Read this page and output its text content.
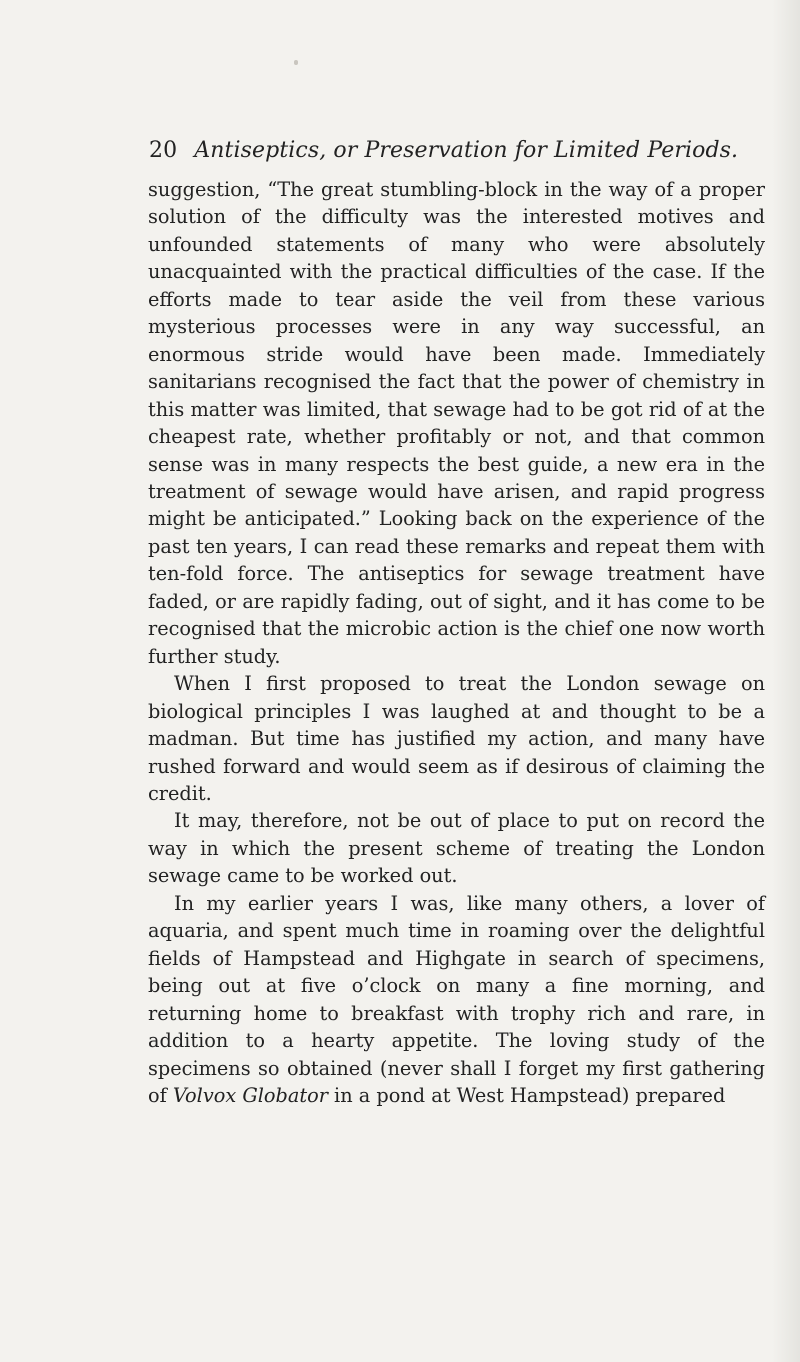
20 Antiseptics, or Preservation for Limited Periods.

suggestion, “The great stumbling-block in the way of a proper solution of the difficulty was the interested motives and unfounded statements of many who were absolutely unacquainted with the practical difficulties of the case. If the efforts made to tear aside the veil from these various mysterious processes were in any way successful, an enormous stride would have been made. Immediately sanitarians recognised the fact that the power of chemistry in this matter was limited, that sewage had to be got rid of at the cheapest rate, whether profitably or not, and that common sense was in many respects the best guide, a new era in the treatment of sewage would have arisen, and rapid progress might be anticipated.” Looking back on the experience of the past ten years, I can read these remarks and repeat them with ten-fold force. The antiseptics for sewage treatment have faded, or are rapidly fading, out of sight, and it has come to be recognised that the microbic action is the chief one now worth further study.

When I first proposed to treat the London sewage on biological principles I was laughed at and thought to be a madman. But time has justified my action, and many have rushed forward and would seem as if desirous of claiming the credit.

It may, therefore, not be out of place to put on record the way in which the present scheme of treating the London sewage came to be worked out.

In my earlier years I was, like many others, a lover of aquaria, and spent much time in roaming over the delightful fields of Hampstead and Highgate in search of specimens, being out at five o’clock on many a fine morning, and returning home to breakfast with trophy rich and rare, in addition to a hearty appetite. The loving study of the specimens so obtained (never shall I forget my first gathering of Volvox Globator in a pond at West Hampstead) prepared
